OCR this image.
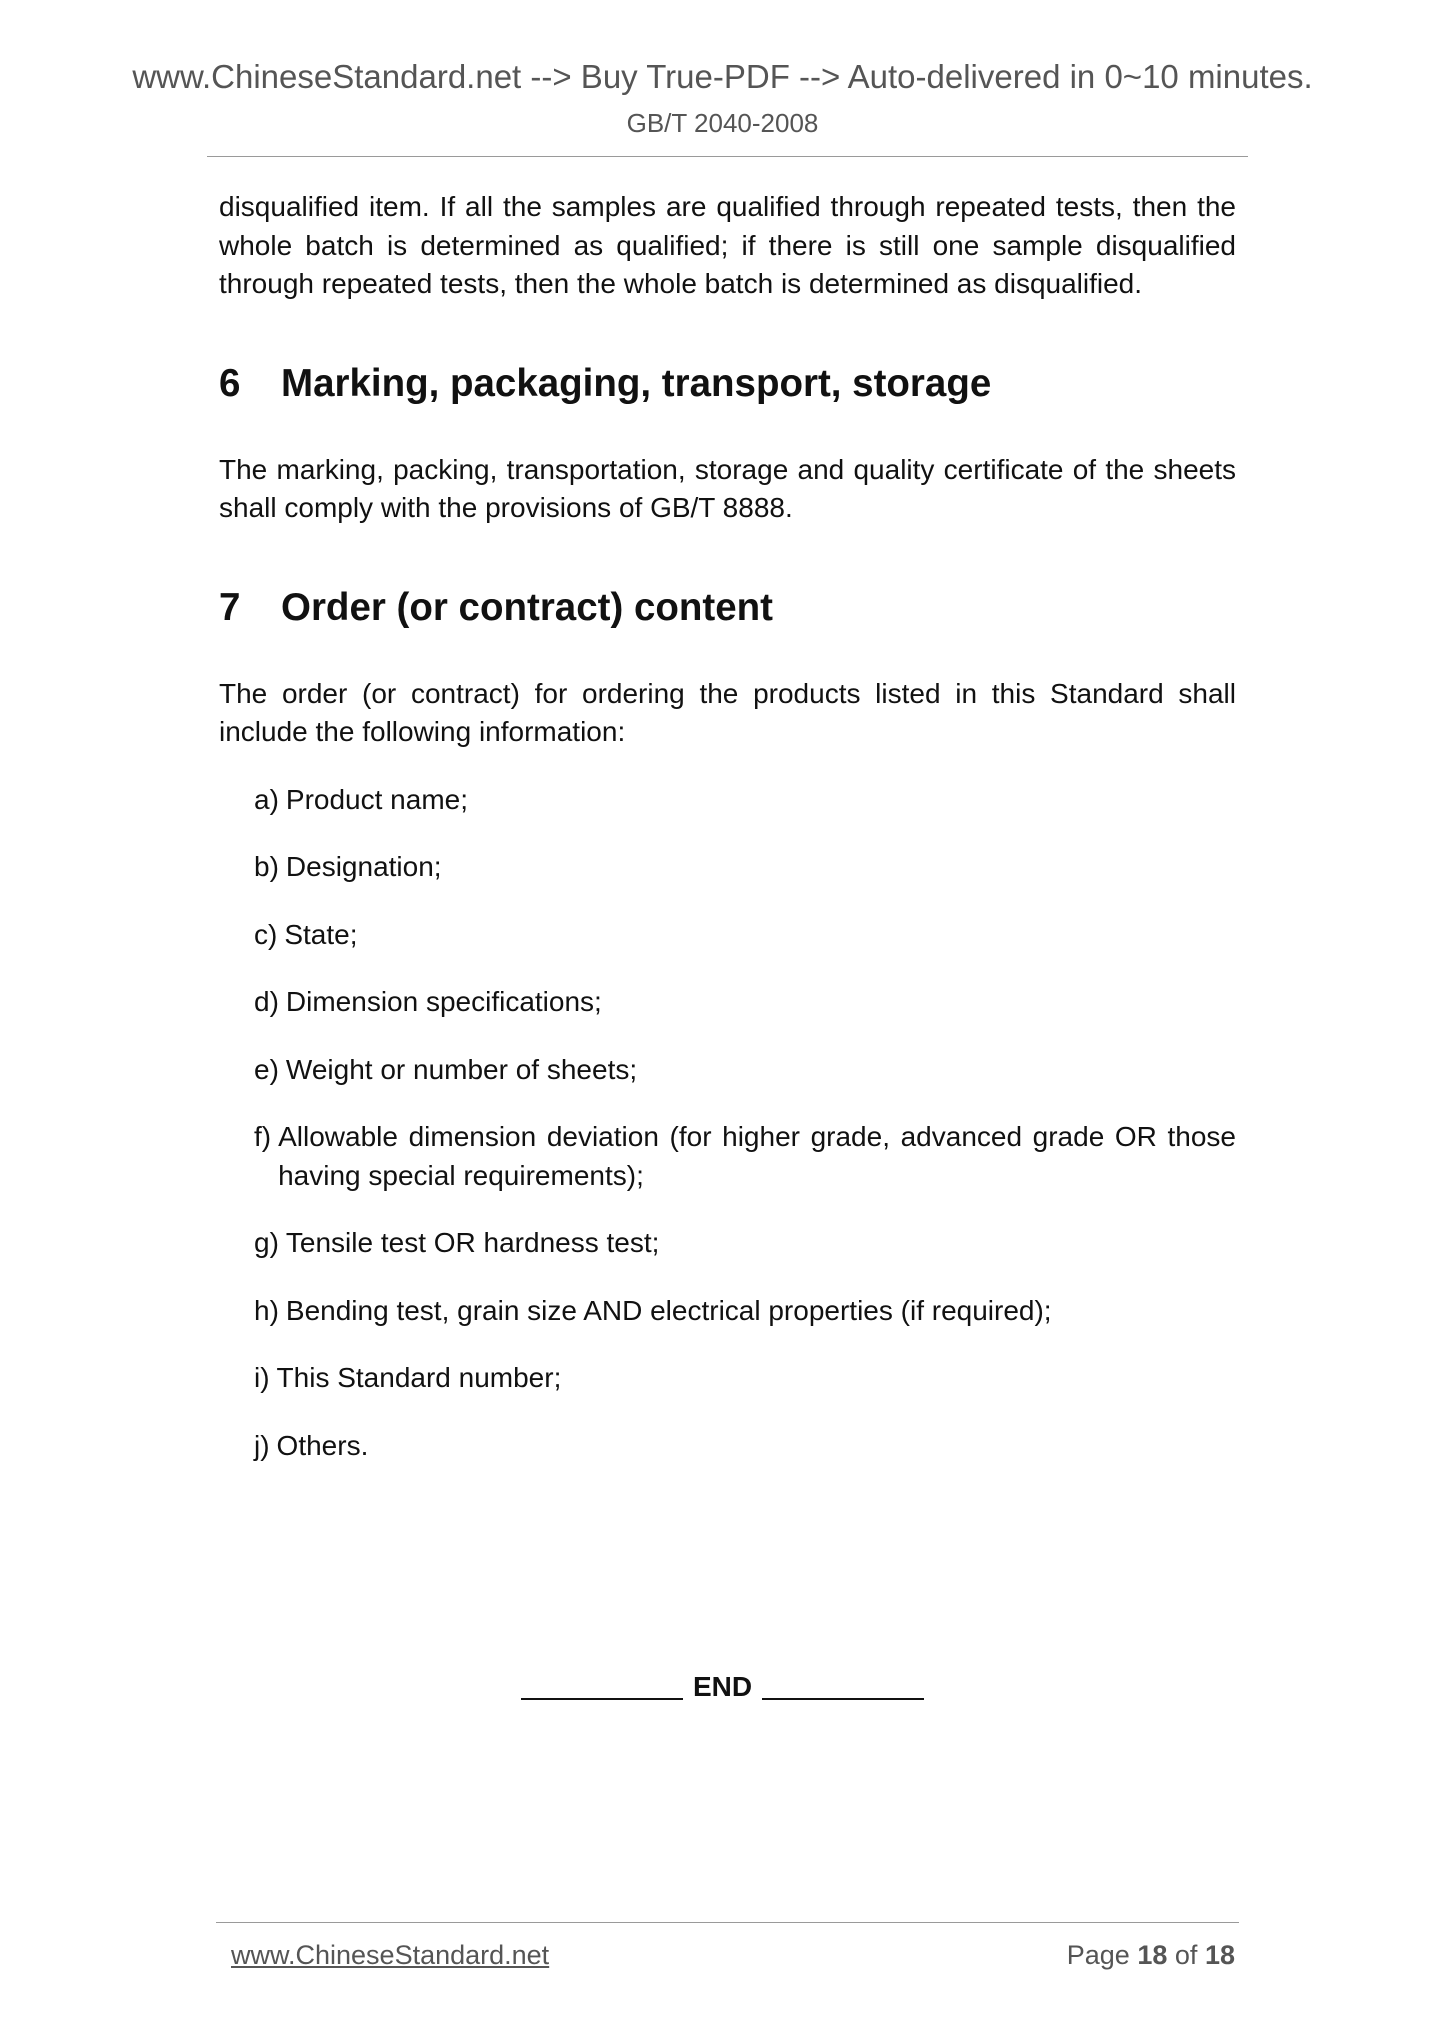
www.ChineseStandard.net --> Buy True-PDF --> Auto-delivered in 0~10 minutes.
GB/T 2040-2008

disqualified item. If all the samples are qualified through repeated tests, then the whole batch is determined as qualified; if there is still one sample disqualified through repeated tests, then the whole batch is determined as disqualified.

6	Marking, packaging, transport, storage

The marking, packing, transportation, storage and quality certificate of the sheets shall comply with the provisions of GB/T 8888.

7	Order (or contract) content

The order (or contract) for ordering the products listed in this Standard shall include the following information:

a) Product name;
b) Designation;
c) State;
d) Dimension specifications;
e) Weight or number of sheets;
f) Allowable dimension deviation (for higher grade, advanced grade OR those having special requirements);
g) Tensile test OR hardness test;
h) Bending test, grain size AND electrical properties (if required);
i) This Standard number;
j) Others.
END
www.ChineseStandard.net	Page 18 of 18
